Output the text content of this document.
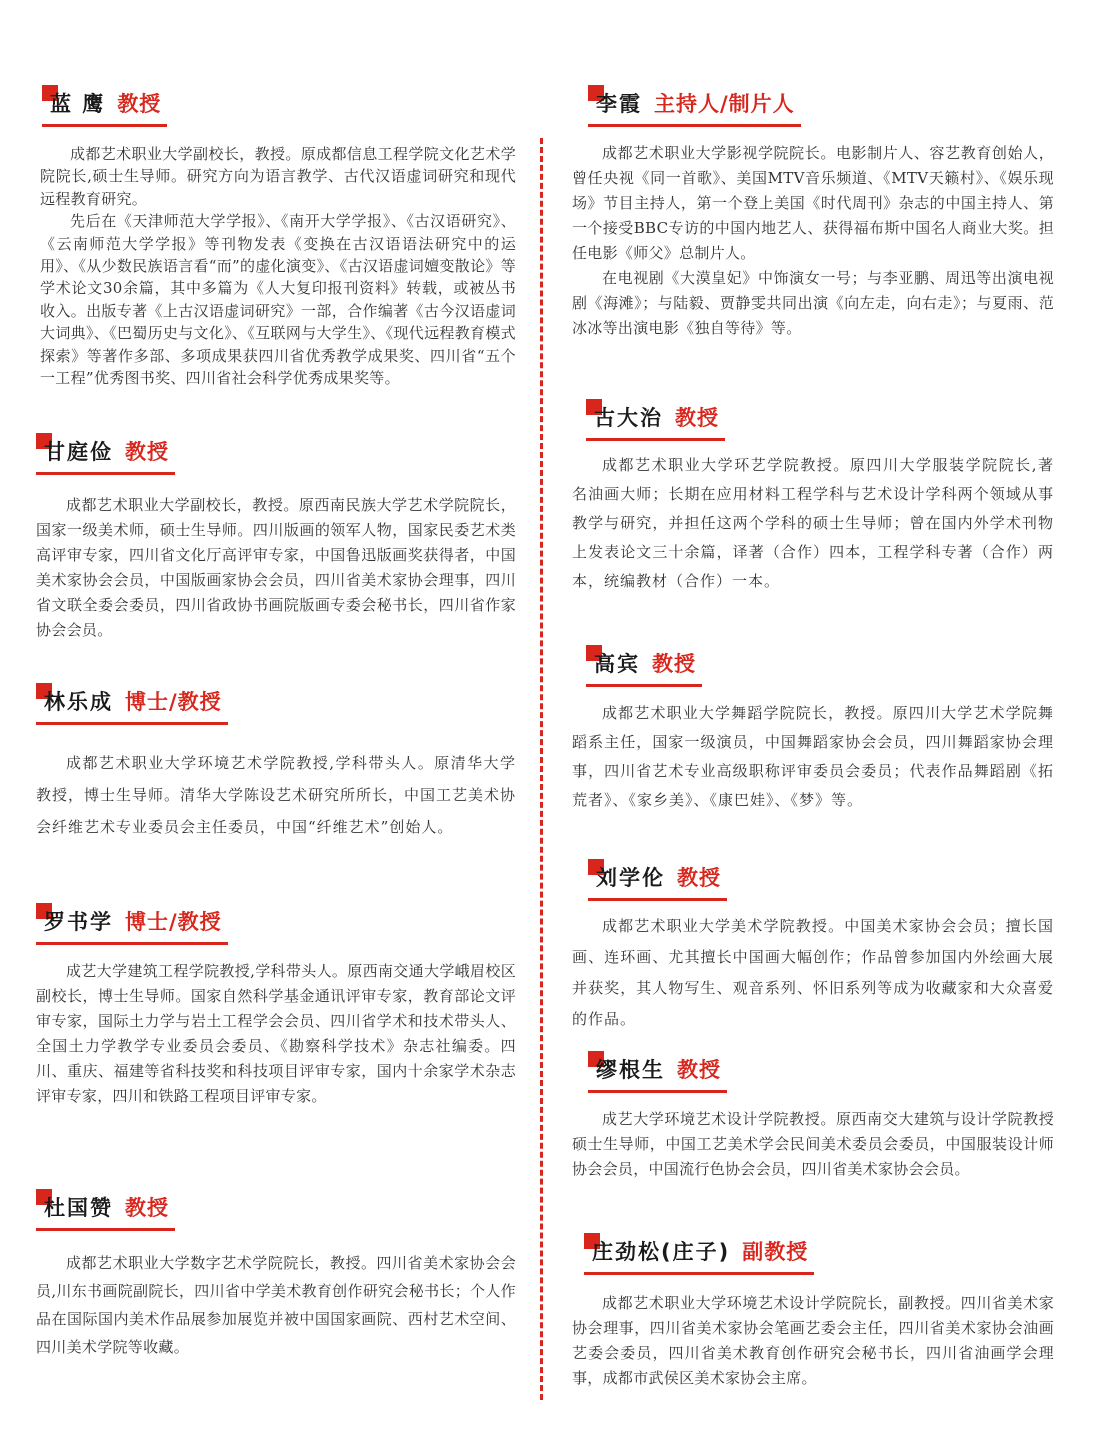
蓝 鹰 教授

成都艺术职业大学副校长，教授。原成都信息工程学院文化艺术学院院长,硕士生导师。研究方向为语言教学、古代汉语虚词研究和现代远程教育研究。

先后在《天津师范大学学报》、《南开大学学报》、《古汉语研究》、《云南师范大学学报》等刊物发表《变换在古汉语语法研究中的运用》、《从少数民族语言看“而”的虚化演变》、《古汉语虚词嬗变散论》等学术论文30余篇，其中多篇为《人大复印报刊资料》转载，或被丛书收入。出版专著《上古汉语虚词研究》一部，合作编著《古今汉语虚词大词典》、《巴蜀历史与文化》、《互联网与大学生》、《现代远程教育模式探索》等著作多部、多项成果获四川省优秀教学成果奖、四川省“五个一工程”优秀图书奖、四川省社会科学优秀成果奖等。

甘庭俭 教授

成都艺术职业大学副校长，教授。原西南民族大学艺术学院院长，国家一级美术师，硕士生导师。四川版画的领军人物，国家民委艺术类高评审专家，四川省文化厅高评审专家，中国鲁迅版画奖获得者，中国美术家协会会员，中国版画家协会会员，四川省美术家协会理事，四川省文联全委会委员，四川省政协书画院版画专委会秘书长，四川省作家协会会员。

林乐成 博士/教授

成都艺术职业大学环境艺术学院教授,学科带头人。原清华大学教授，博士生导师。清华大学陈设艺术研究所所长，中国工艺美术协会纤维艺术专业委员会主任委员，中国“纤维艺术”创始人。

罗书学 博士/教授

成艺大学建筑工程学院教授,学科带头人。原西南交通大学峨眉校区副校长，博士生导师。国家自然科学基金通讯评审专家，教育部论文评审专家，国际土力学与岩土工程学会会员、四川省学术和技术带头人、全国土力学教学专业委员会委员、《勘察科学技术》杂志社编委。四川、重庆、福建等省科技奖和科技项目评审专家，国内十余家学术杂志评审专家，四川和铁路工程项目评审专家。

杜国赞 教授

成都艺术职业大学数字艺术学院院长，教授。四川省美术家协会会员,川东书画院副院长，四川省中学美术教育创作研究会秘书长；个人作品在国际国内美术作品展参加展览并被中国国家画院、西村艺术空间、四川美术学院等收藏。

李霞 主持人/制片人

成都艺术职业大学影视学院院长。电影制片人、容艺教育创始人，曾任央视《同一首歌》、美国MTV音乐频道、《MTV天籁村》、《娱乐现场》节目主持人，第一个登上美国《时代周刊》杂志的中国主持人、第一个接受BBC专访的中国内地艺人、获得福布斯中国名人商业大奖。担任电影《师父》总制片人。

在电视剧《大漠皇妃》中饰演女一号；与李亚鹏、周迅等出演电视剧《海滩》；与陆毅、贾静雯共同出演《向左走，向右走》；与夏雨、范冰冰等出演电影《独自等待》等。

古大治 教授

成都艺术职业大学环艺学院教授。原四川大学服装学院院长,著名油画大师；长期在应用材料工程学科与艺术设计学科两个领域从事教学与研究，并担任这两个学科的硕士生导师；曾在国内外学术刊物上发表论文三十余篇，译著（合作）四本，工程学科专著（合作）两本，统编教材（合作）一本。

高宾 教授

成都艺术职业大学舞蹈学院院长，教授。原四川大学艺术学院舞蹈系主任，国家一级演员，中国舞蹈家协会会员，四川舞蹈家协会理事，四川省艺术专业高级职称评审委员会委员；代表作品舞蹈剧《拓荒者》、《家乡美》、《康巴娃》、《梦》等。

刘学伦 教授

成都艺术职业大学美术学院教授。中国美术家协会会员；擅长国画、连环画、尤其擅长中国画大幅创作；作品曾参加国内外绘画大展并获奖，其人物写生、观音系列、怀旧系列等成为收藏家和大众喜爱的作品。

缪根生 教授

成艺大学环境艺术设计学院教授。原西南交大建筑与设计学院教授硕士生导师，中国工艺美术学会民间美术委员会委员，中国服装设计师协会会员，中国流行色协会会员，四川省美术家协会会员。

庄劲松(庄子) 副教授

成都艺术职业大学环境艺术设计学院院长，副教授。四川省美术家协会理事，四川省美术家协会笔画艺委会主任，四川省美术家协会油画艺委会委员，四川省美术教育创作研究会秘书长，四川省油画学会理事，成都市武侯区美术家协会主席。
